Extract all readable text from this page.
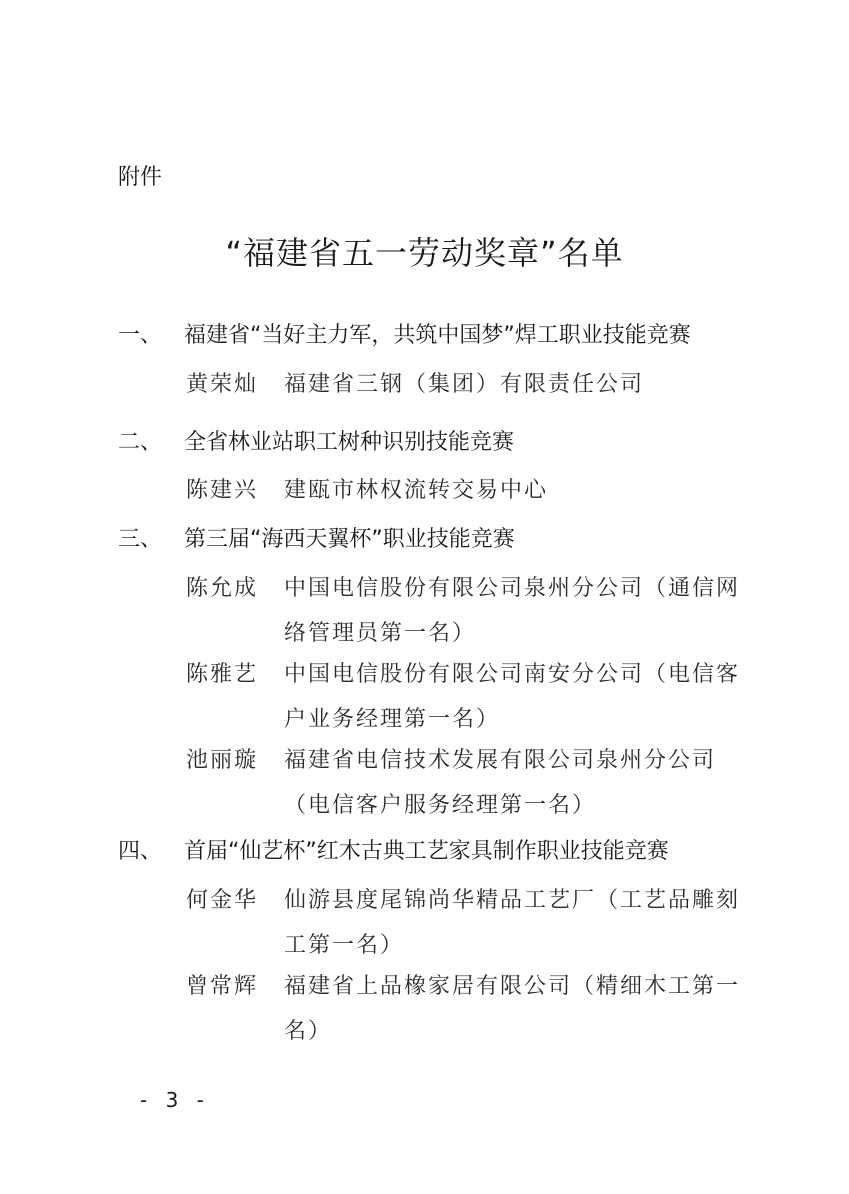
附件
“福建省五一劳动奖章”名单
一、 福建省“当好主力军，共筑中国梦”焊工职业技能竞赛
黄荣灿	福建省三钢（集团）有限责任公司
二、 全省林业站职工树种识别技能竞赛
陈建兴	建瓯市林权流转交易中心
三、 第三届“海西天翼杯”职业技能竞赛
陈允成	中国电信股份有限公司泉州分公司（通信网络管理员第一名）
陈雅艺	中国电信股份有限公司南安分公司（电信客户业务经理第一名）
池丽璇	福建省电信技术发展有限公司泉州分公司（电信客户服务经理第一名）
四、 首届“仙艺杯”红木古典工艺家具制作职业技能竞赛
何金华	仙游县度尾锦尚华精品工艺厂（工艺品雕刻工第一名）
曾常辉	福建省上品橡家居有限公司（精细木工第一名）
- 3 -
